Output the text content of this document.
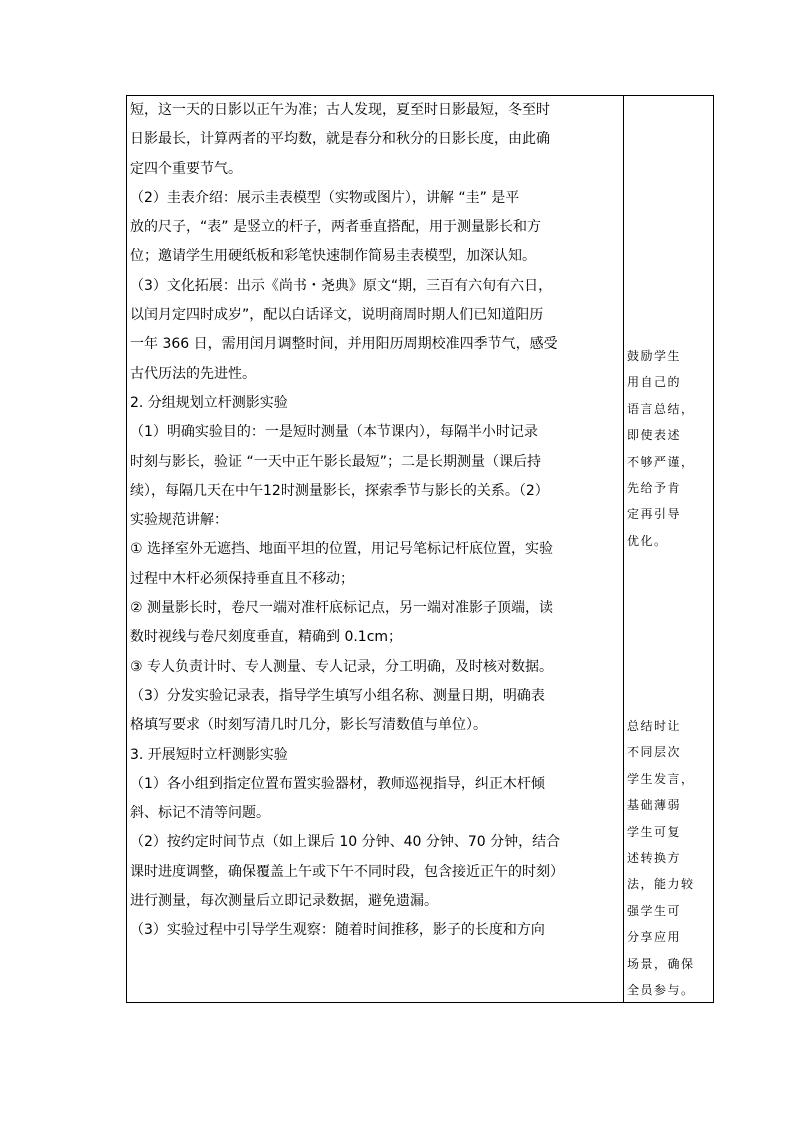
短，这一天的日影以正午为准；古人发现，夏至时日影最短，冬至时
日影最长，计算两者的平均数，就是春分和秋分的日影长度，由此确
定四个重要节气。
（2）圭表介绍：展示圭表模型（实物或图片），讲解 “圭” 是平
放的尺子，“表” 是竖立的杆子，两者垂直搭配，用于测量影长和方
位；邀请学生用硬纸板和彩笔快速制作简易圭表模型，加深认知。
（3）文化拓展：出示《尚书・尧典》原文“期，三百有六旬有六日，
以闰月定四时成岁”，配以白话译文，说明商周时期人们已知道阳历
一年 366 日，需用闰月调整时间，并用阳历周期校准四季节气，感受
古代历法的先进性。
2. 分组规划立杆测影实验
（1）明确实验目的：一是短时测量（本节课内），每隔半小时记录
时刻与影长，验证 “一天中正午影长最短”；二是长期测量（课后持
续），每隔几天在中午12时测量影长，探索季节与影长的关系。（2）
实验规范讲解：
① 选择室外无遮挡、地面平坦的位置，用记号笔标记杆底位置，实验
过程中木杆必须保持垂直且不移动；
② 测量影长时，卷尺一端对准杆底标记点，另一端对准影子顶端，读
数时视线与卷尺刻度垂直，精确到 0.1cm；
③ 专人负责计时、专人测量、专人记录，分工明确，及时核对数据。
（3）分发实验记录表，指导学生填写小组名称、测量日期，明确表
格填写要求（时刻写清几时几分，影长写清数值与单位）。
3. 开展短时立杆测影实验
（1）各小组到指定位置布置实验器材，教师巡视指导，纠正木杆倾
斜、标记不清等问题。
（2）按约定时间节点（如上课后 10 分钟、40 分钟、70 分钟，结合
课时进度调整，确保覆盖上午或下午不同时段，包含接近正午的时刻）
进行测量，每次测量后立即记录数据，避免遗漏。
（3）实验过程中引导学生观察：随着时间推移，影子的长度和方向
鼓励学生
用自己的
语言总结，
即使表述
不够严谨，
先给予肯
定再引导
优化。
总结时让
不同层次
学生发言，
基础薄弱
学生可复
述转换方
法，能力较
强学生可
分享应用
场景，确保
全员参与。
